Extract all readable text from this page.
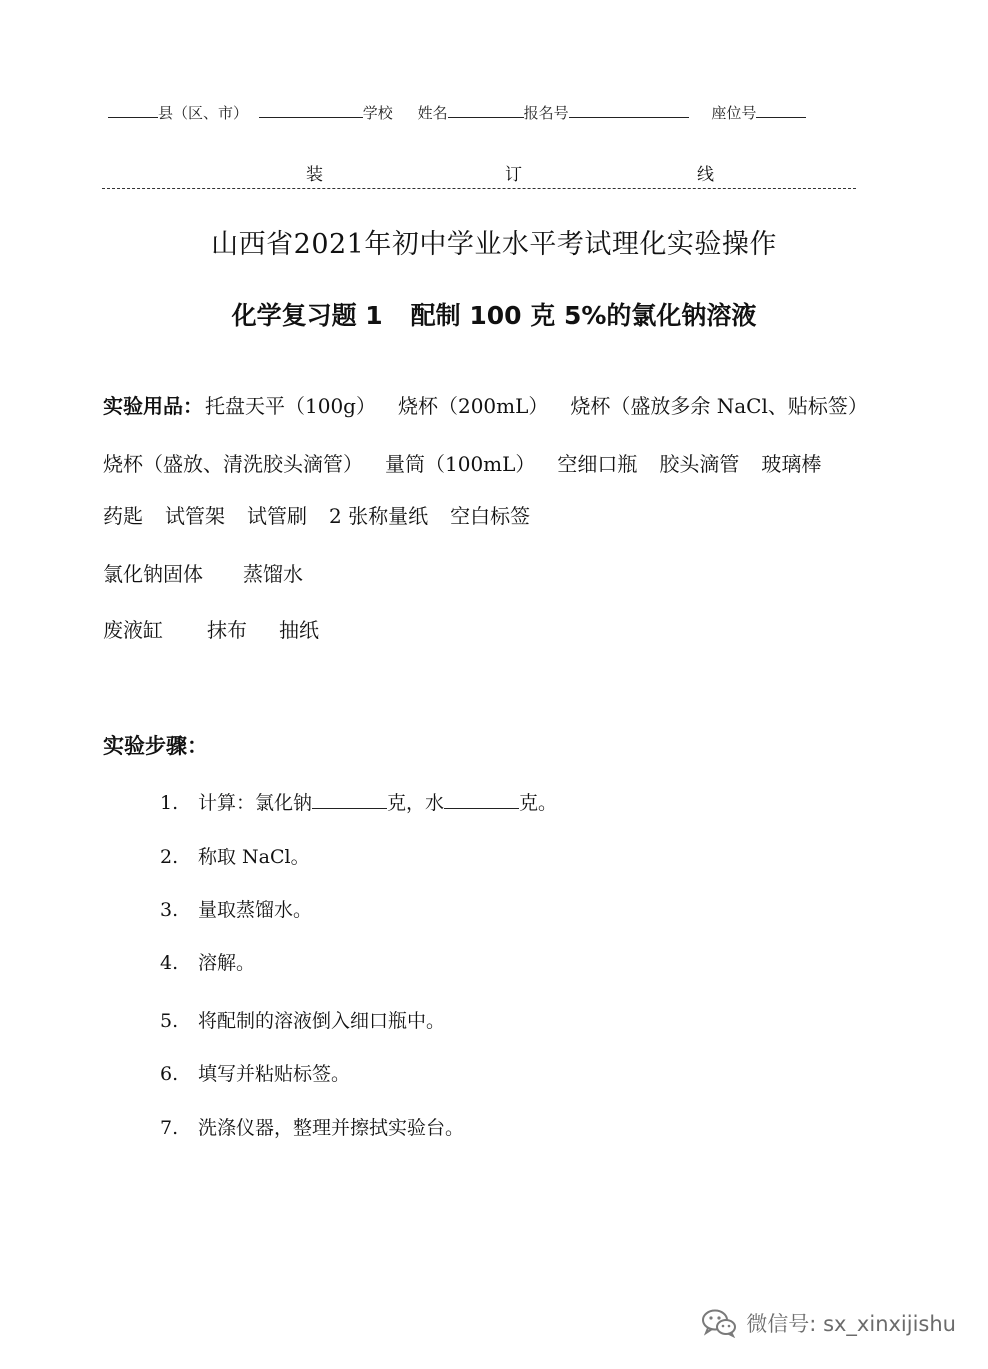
县（区、市）	学校 姓名	报名号	座位号
装	订	线
山西省2021年初中学业水平考试理化实验操作
化学复习题 1 配制 100 克 5%的氯化钠溶液
实验用品： 托盘天平（100g） 烧杯（200mL） 烧杯（盛放多余 NaCl、贴标签）
烧杯（盛放、清洗胶头滴管） 量筒（100mL） 空细口瓶 胶头滴管 玻璃棒
药匙 试管架 试管刷 2 张称量纸 空白标签
氯化钠固体 蒸馏水
废液缸 抹布 抽纸
实验步骤：
1. 计算：氯化钠	克，水	克。
2. 称取 NaCl。
3. 量取蒸馏水。
4. 溶解。
5. 将配制的溶液倒入细口瓶中。
6. 填写并粘贴标签。
7. 洗涤仪器，整理并擦拭实验台。
微信号: sx_xinxijishu
